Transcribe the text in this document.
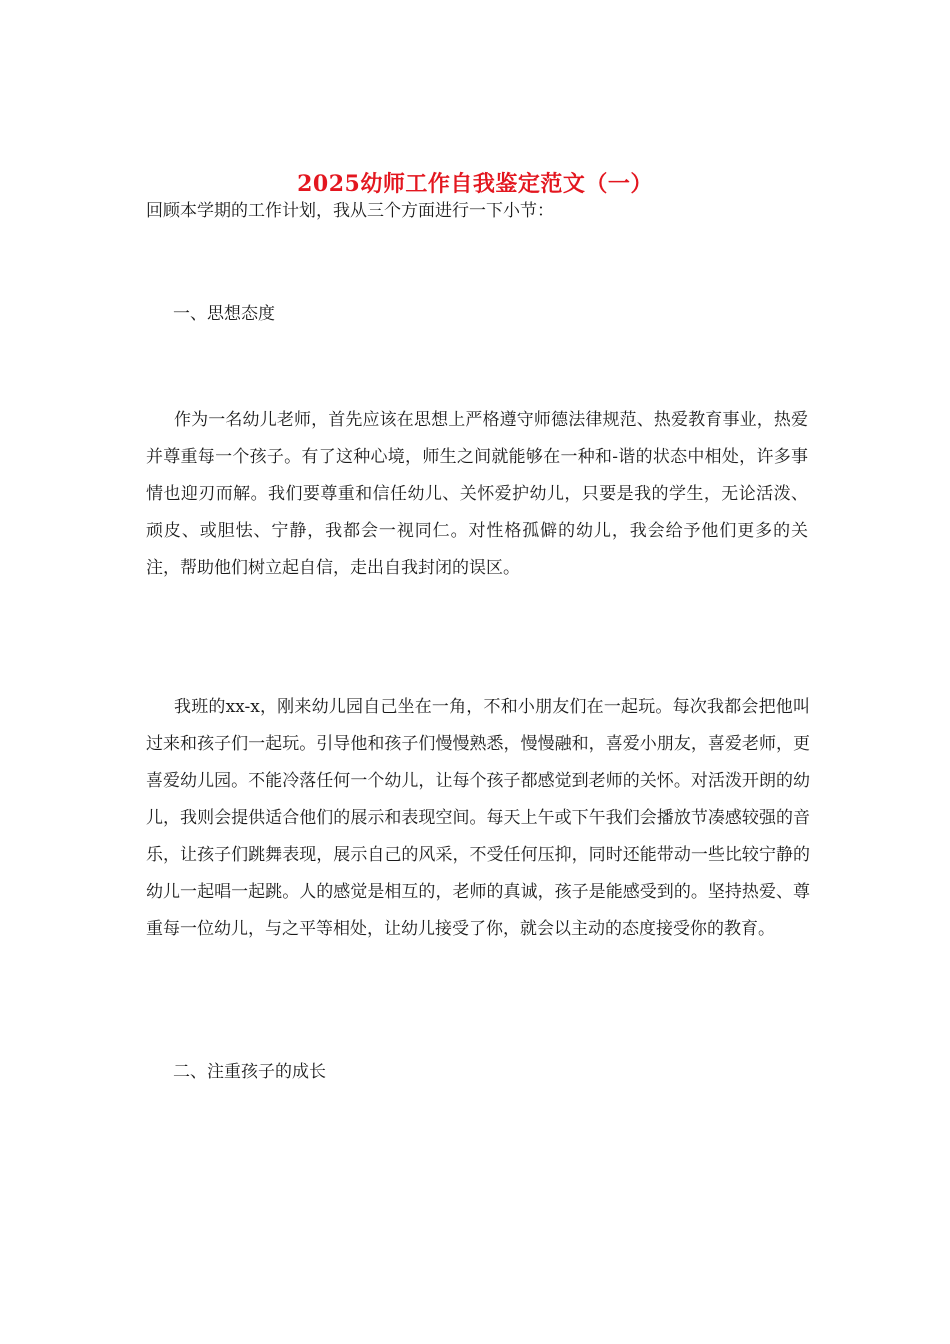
2025幼师工作自我鉴定范文（一）

回顾本学期的工作计划，我从三个方面进行一下小节：

一、思想态度

作为一名幼儿老师，首先应该在思想上严格遵守师德法律规范、热爱教育事业，热爱并尊重每一个孩子。有了这种心境，师生之间就能够在一种和-谐的状态中相处，许多事情也迎刃而解。我们要尊重和信任幼儿、关怀爱护幼儿，只要是我的学生，无论活泼、顽皮、或胆怯、宁静，我都会一视同仁。对性格孤僻的幼儿，我会给予他们更多的关注，帮助他们树立起自信，走出自我封闭的误区。

我班的xx-x，刚来幼儿园自己坐在一角，不和小朋友们在一起玩。每次我都会把他叫过来和孩子们一起玩。引导他和孩子们慢慢熟悉，慢慢融和，喜爱小朋友，喜爱老师，更喜爱幼儿园。不能冷落任何一个幼儿，让每个孩子都感觉到老师的关怀。对活泼开朗的幼儿，我则会提供适合他们的展示和表现空间。每天上午或下午我们会播放节凑感较强的音乐，让孩子们跳舞表现，展示自己的风采，不受任何压抑，同时还能带动一些比较宁静的幼儿一起唱一起跳。人的感觉是相互的，老师的真诚，孩子是能感受到的。坚持热爱、尊重每一位幼儿，与之平等相处，让幼儿接受了你，就会以主动的态度接受你的教育。

二、注重孩子的成长
